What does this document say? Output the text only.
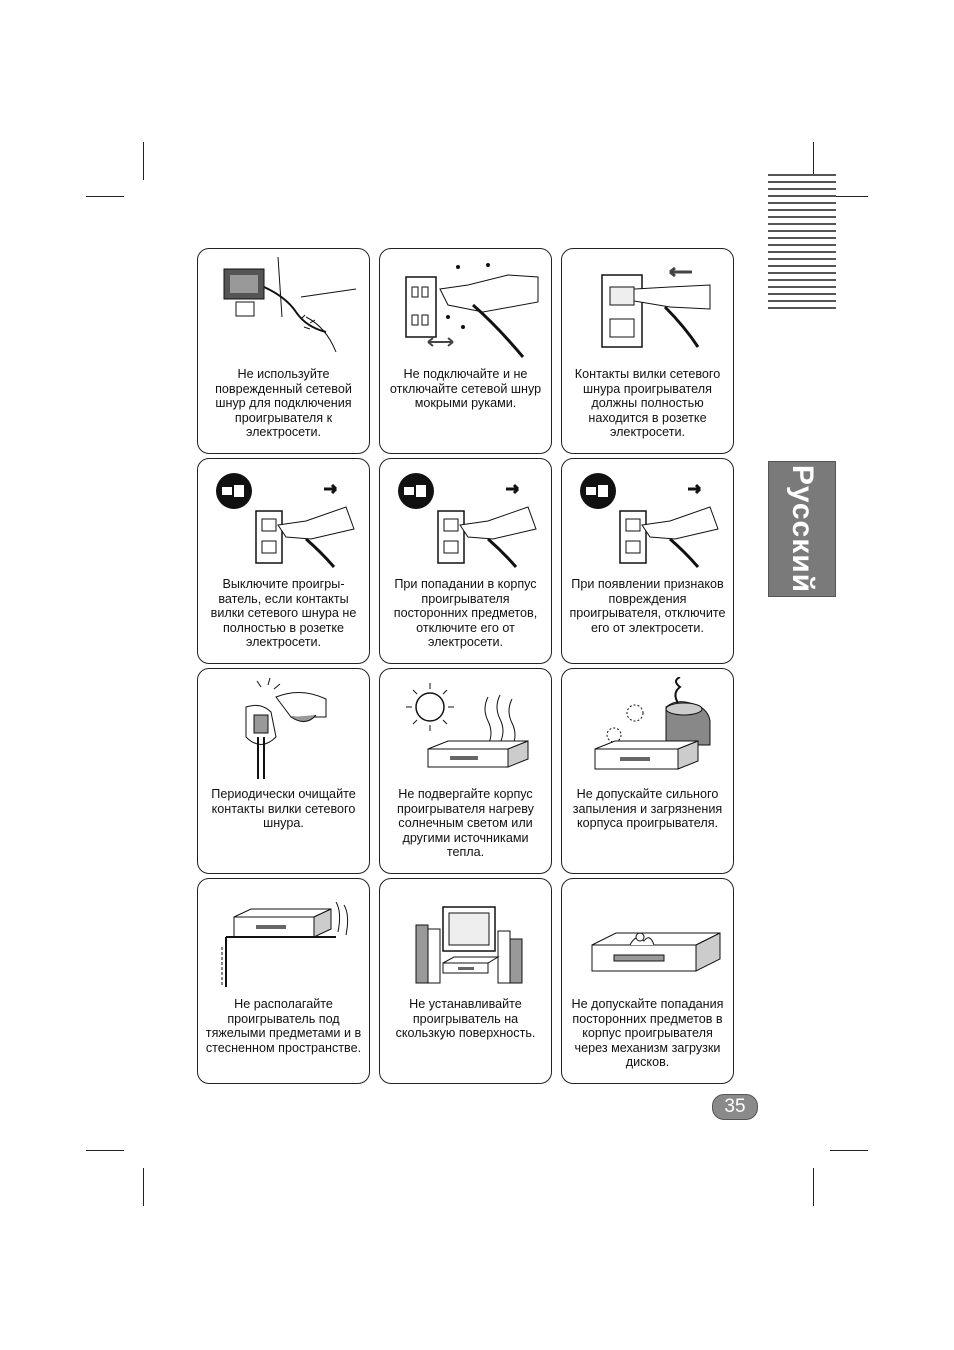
Русский
Не используйте
поврежденный сетевой
шнур для подключения
проигрывателя к
электросети.
Не подключайте и не
отключайте сетевой шнур
мокрыми руками.
Контакты вилки сетевого
шнура проигрывателя
должны полностью
находится в розетке
электросети.
Выключите проигры-
ватель, если контакты
вилки сетевого шнура не
полностью в розетке
электросети.
При попадании в корпус
проигрывателя
посторонних предметов,
отключите его от
электросети.
При появлении признаков
повреждения
проигрывателя, отключите
его от электросети.
Периодически очищайте
контакты вилки сетевого
шнура.
Не подвергайте корпус
проигрывателя нагреву
солнечным светом или
другими источниками
тепла.
Не допускайте сильного
запыления и загрязнения
корпуса проигрывателя.
Не располагайте
проигрыватель под
тяжелыми предметами и в
стесненном пространстве.
Не устанавливайте
проигрыватель на
скользкую поверхность.
Не допускайте попадания
посторонних предметов в
корпус проигрывателя
через механизм загрузки
дисков.
35
